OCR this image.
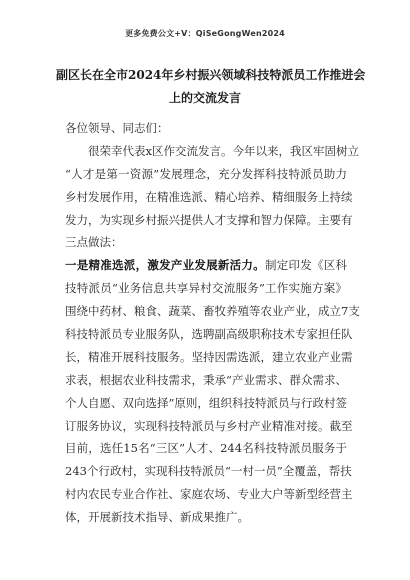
更多免费公文+V：QiSeGongWen2024
副区长在全市2024年乡村振兴领域科技特派员工作推进会
上的交流发言
各位领导、同志们：
　　很荣幸代表x区作交流发言。今年以来，我区牢固树立
“人才是第一资源”发展理念，充分发挥科技特派员助力
乡村发展作用，在精准选派、精心培养、精细服务上持续
发力，为实现乡村振兴提供人才支撑和智力保障。主要有
三点做法：
一是精准选派，激发产业发展新活力。制定印发《区科
技特派员“业务信息共享异村交流服务”工作实施方案》
围绕中药材、粮食、蔬菜、畜牧养殖等农业产业，成立7支
科技特派员专业服务队，选聘副高级职称技术专家担任队
长，精准开展科技服务。坚持因需选派，建立农业产业需
求表，根据农业科技需求，秉承“产业需求、群众需求、
个人自愿、双向选择”原则，组织科技特派员与行政村签
订服务协议，实现科技特派员与乡村产业精准对接。截至
目前，选任15名“三区”人才、244名科技特派员服务于
243个行政村，实现科技特派员“一村一员”全覆盖，帮扶
村内农民专业合作社、家庭农场、专业大户等新型经营主
体，开展新技术指导、新成果推广。
